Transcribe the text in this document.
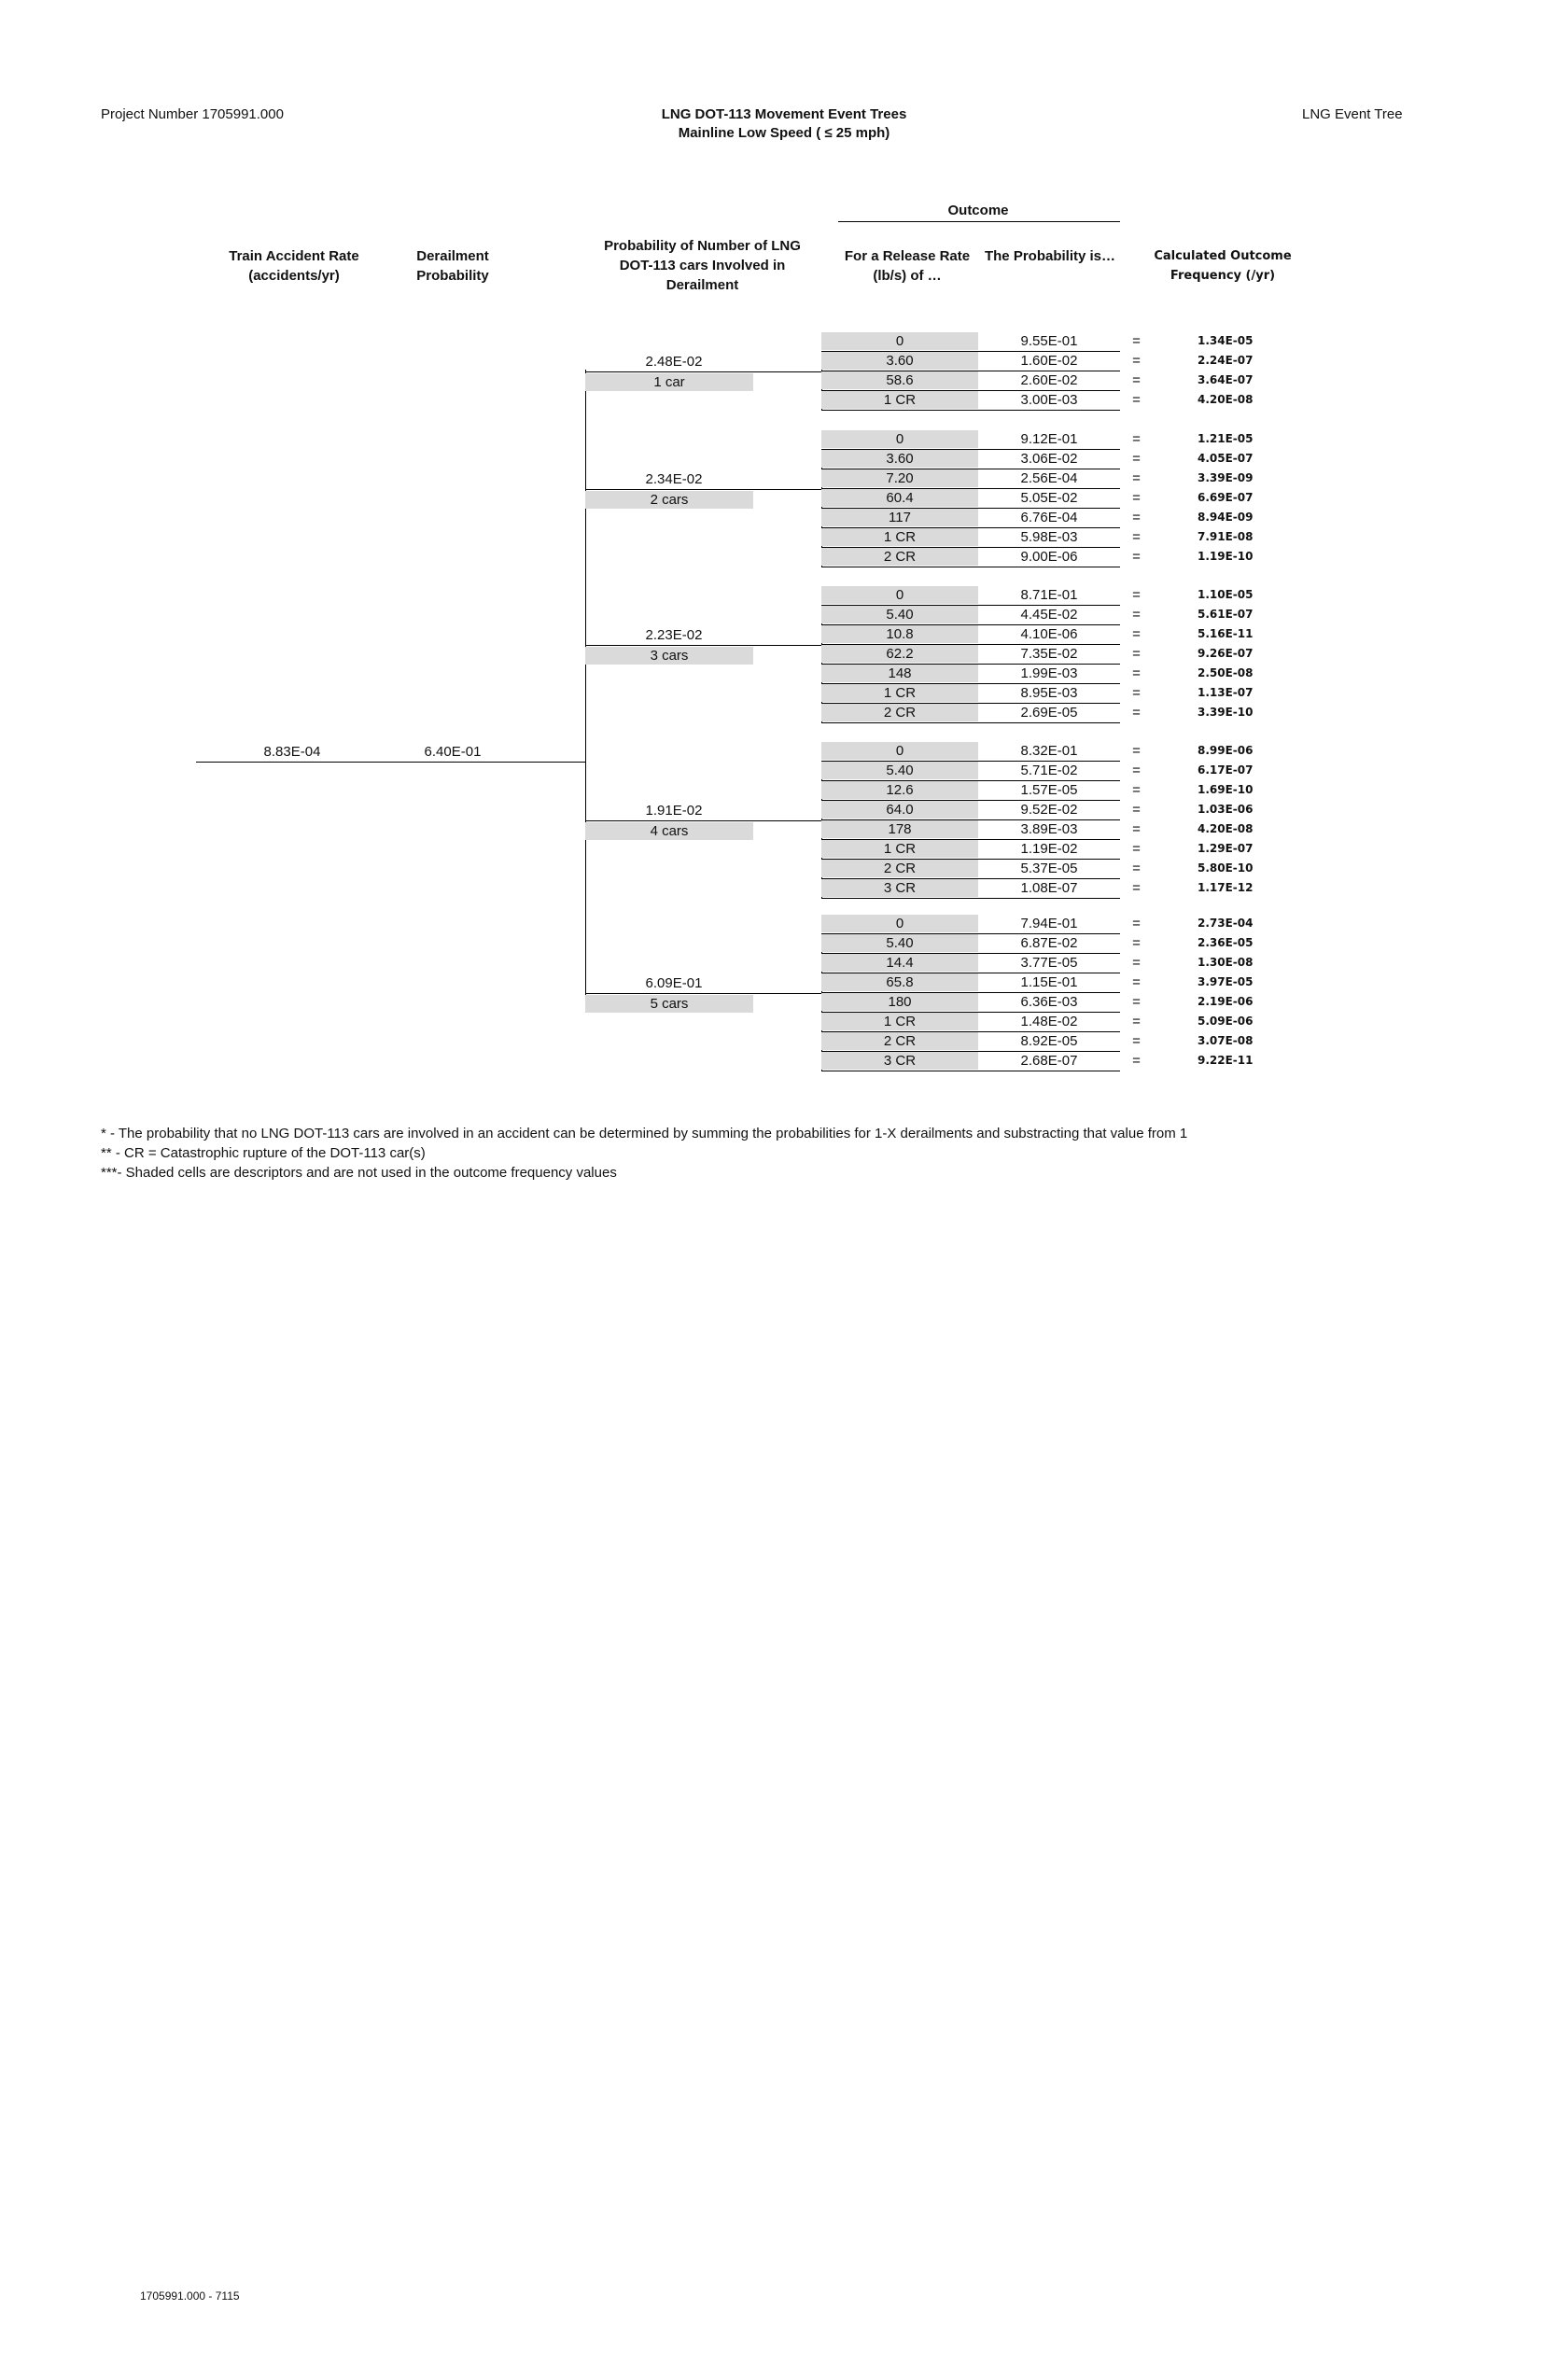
Project Number 1705991.000	LNG DOT-113 Movement Event Trees
Mainline Low Speed ( ≤ 25 mph)
LNG Event Tree
Outcome
Train Accident Rate (accidents/yr)
Derailment Probability
Probability of Number of LNG DOT-113 cars Involved in Derailment
For a Release Rate (lb/s) of …
The Probability is…	Calculated Outcome Frequency (/yr)
8.83E-04	6.40E-01
2.48E-02
1 car
0	9.55E-01	=	1.34E-05
3.60	1.60E-02	=	2.24E-07
58.6	2.60E-02	=	3.64E-07
1 CR	3.00E-03	=	4.20E-08
2.34E-02
2 cars
0	9.12E-01	=	1.21E-05
3.60	3.06E-02	=	4.05E-07
7.20	2.56E-04	=	3.39E-09
60.4	5.05E-02	=	6.69E-07
117	6.76E-04	=	8.94E-09
1 CR	5.98E-03	=	7.91E-08
2 CR	9.00E-06	=	1.19E-10
2.23E-02
3 cars
0	8.71E-01	=	1.10E-05
5.40	4.45E-02	=	5.61E-07
10.8	4.10E-06	=	5.16E-11
62.2	7.35E-02	=	9.26E-07
148	1.99E-03	=	2.50E-08
1 CR	8.95E-03	=	1.13E-07
2 CR	2.69E-05	=	3.39E-10
1.91E-02
4 cars
0	8.32E-01	=	8.99E-06
5.40	5.71E-02	=	6.17E-07
12.6	1.57E-05	=	1.69E-10
64.0	9.52E-02	=	1.03E-06
178	3.89E-03	=	4.20E-08
1 CR	1.19E-02	=	1.29E-07
2 CR	5.37E-05	=	5.80E-10
3 CR	1.08E-07	=	1.17E-12
6.09E-01
5 cars
0	7.94E-01	=	2.73E-04
5.40	6.87E-02	=	2.36E-05
14.4	3.77E-05	=	1.30E-08
65.8	1.15E-01	=	3.97E-05
180	6.36E-03	=	2.19E-06
1 CR	1.48E-02	=	5.09E-06
2 CR	8.92E-05	=	3.07E-08
3 CR	2.68E-07	=	9.22E-11
* - The probability that no LNG DOT-113 cars are involved in an accident can be determined by summing the probabilities for 1-X derailments and substracting that value from 1
** - CR = Catastrophic rupture of the DOT-113 car(s)
***- Shaded cells are descriptors and are not used in the outcome frequency values
1705991.000 - 7115
